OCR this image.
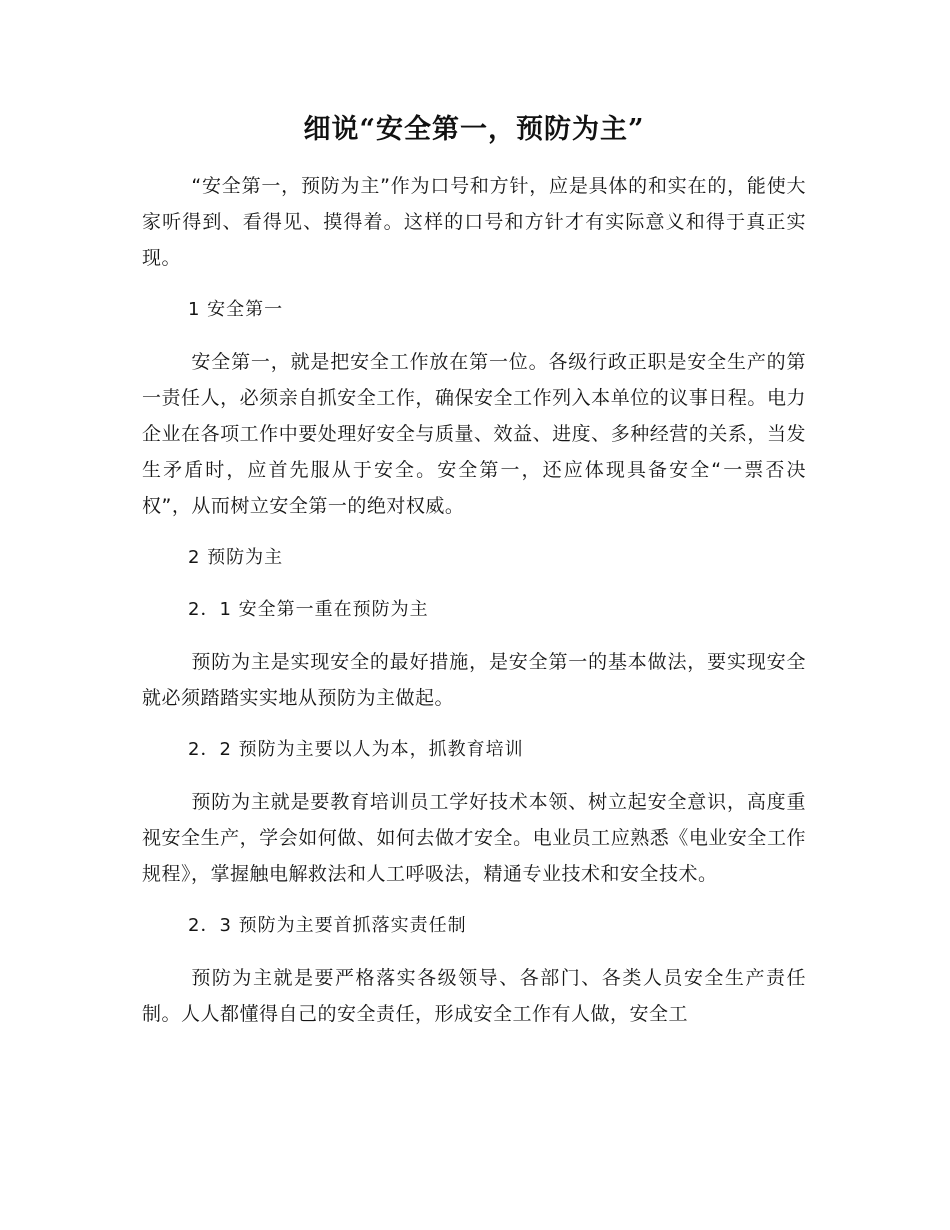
细说“安全第一，预防为主”

“安全第一，预防为主”作为口号和方针，应是具体的和实在的，能使大家听得到、看得见、摸得着。这样的口号和方针才有实际意义和得于真正实现。

1 安全第一

安全第一，就是把安全工作放在第一位。各级行政正职是安全生产的第一责任人，必须亲自抓安全工作，确保安全工作列入本单位的议事日程。电力企业在各项工作中要处理好安全与质量、效益、进度、多种经营的关系，当发生矛盾时，应首先服从于安全。安全第一，还应体现具备安全“一票否决权”，从而树立安全第一的绝对权威。

2 预防为主

2．1 安全第一重在预防为主

预防为主是实现安全的最好措施，是安全第一的基本做法，要实现安全就必须踏踏实实地从预防为主做起。

2．2 预防为主要以人为本，抓教育培训

预防为主就是要教育培训员工学好技术本领、树立起安全意识，高度重视安全生产，学会如何做、如何去做才安全。电业员工应熟悉《电业安全工作规程》，掌握触电解救法和人工呼吸法，精通专业技术和安全技术。

2．3 预防为主要首抓落实责任制

预防为主就是要严格落实各级领导、各部门、各类人员安全生产责任制。人人都懂得自己的安全责任，形成安全工作有人做，安全工
